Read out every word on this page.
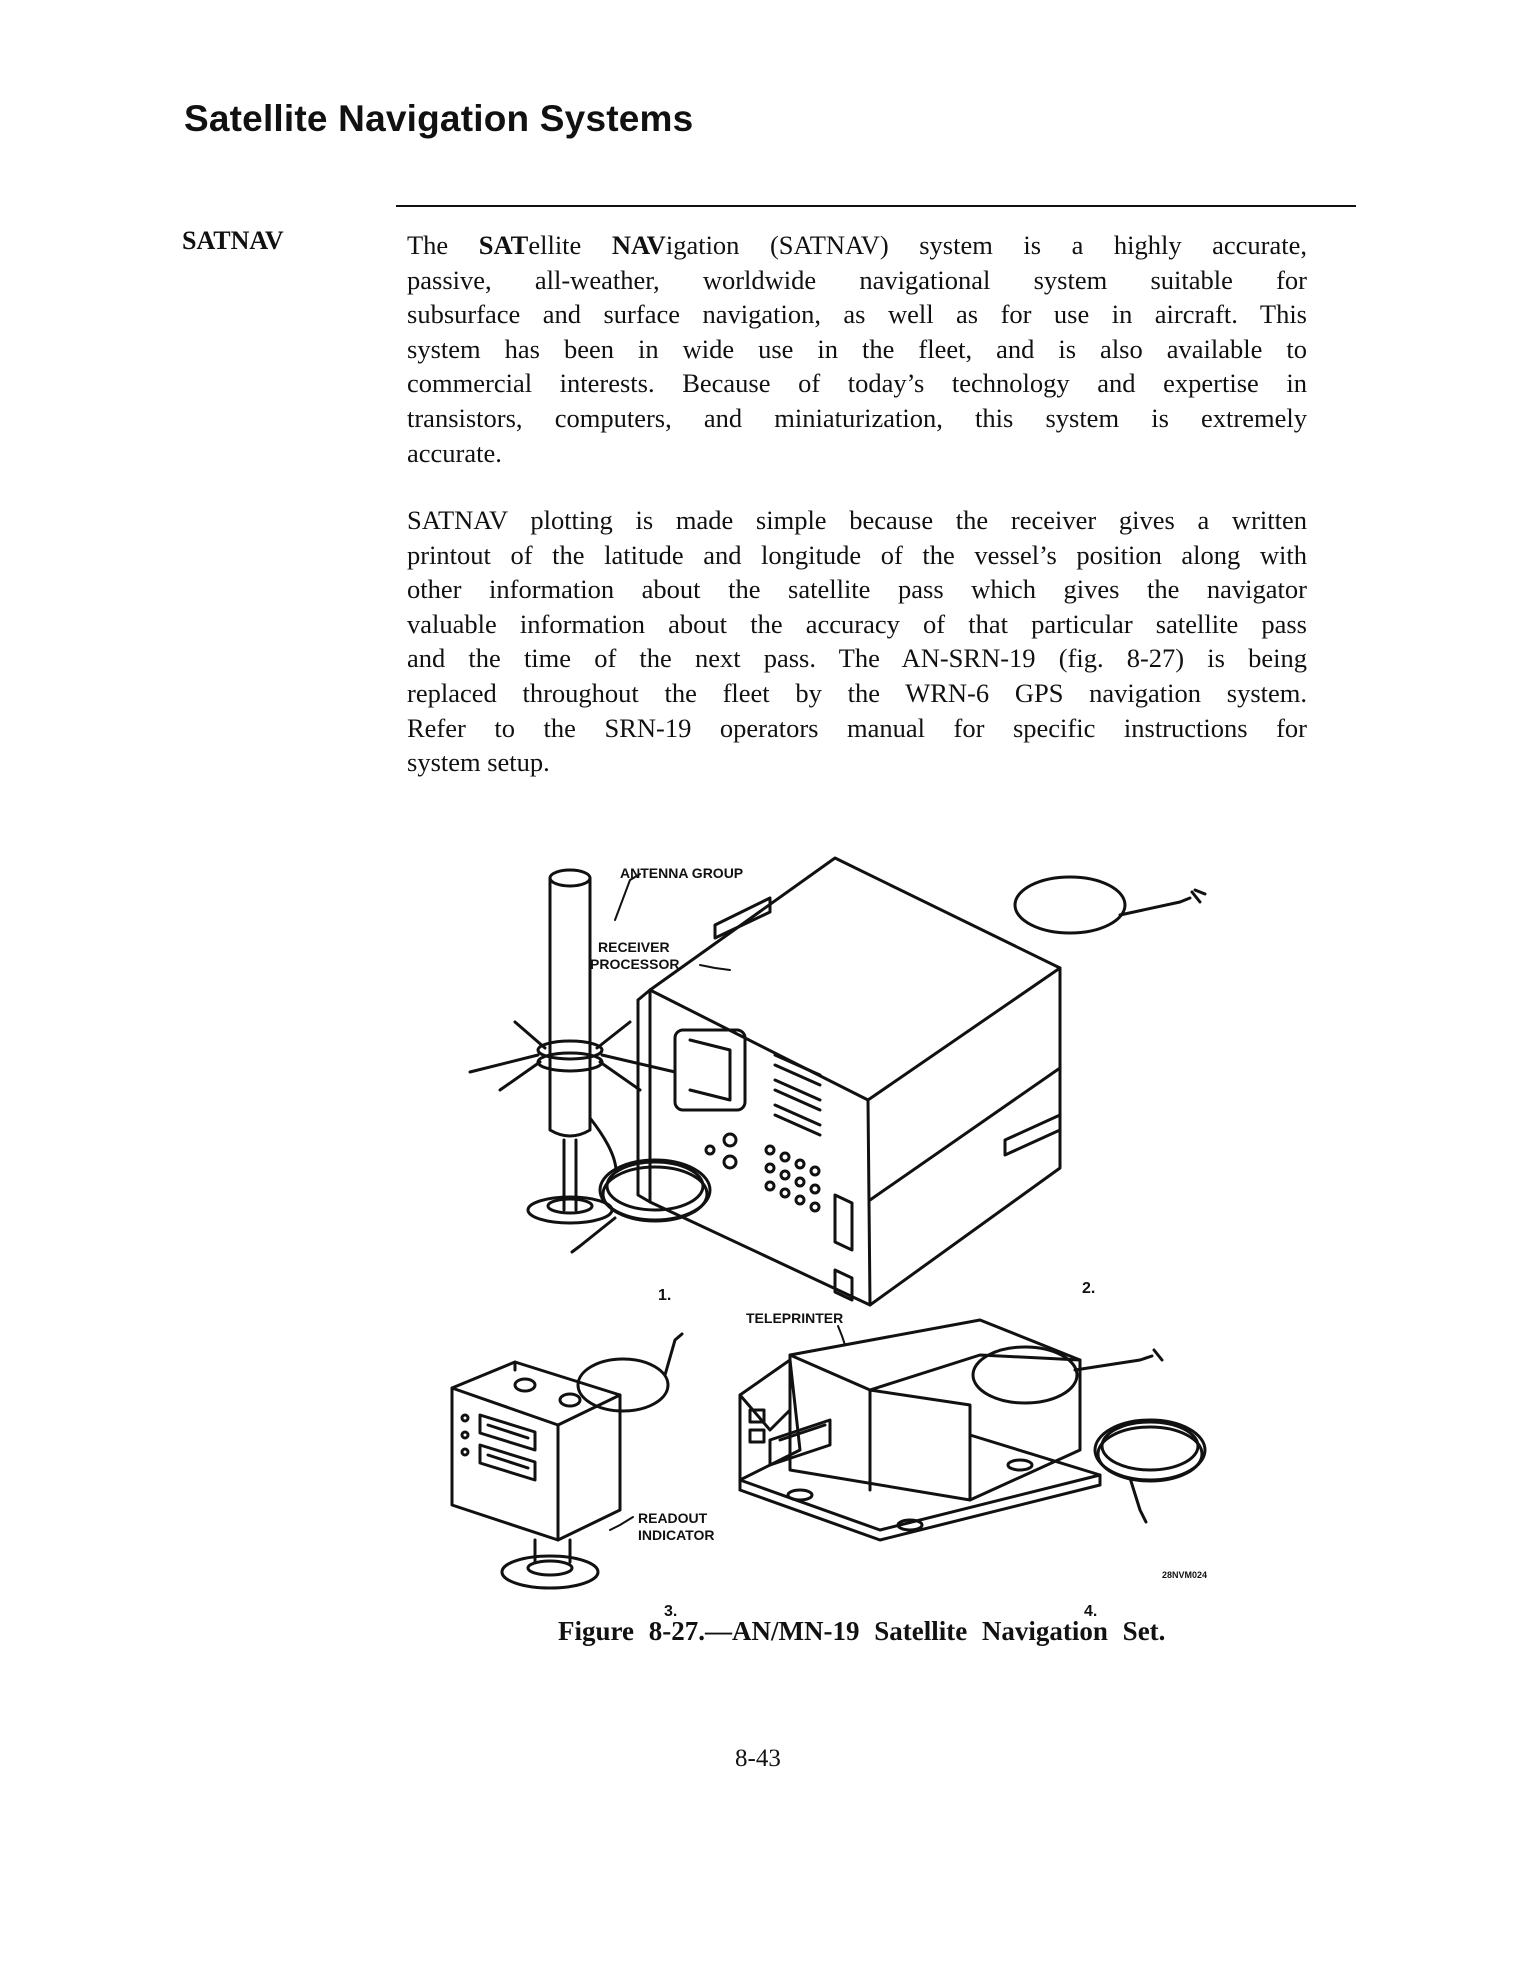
Satellite Navigation Systems
SATNAV	The SATellite NAVigation (SATNAV) system is a highly accurate,
passive, all-weather, worldwide navigational system suitable for
subsurface and surface navigation, as well as for use in aircraft. This
system has been in wide use in the fleet, and is also available to
commercial interests. Because of today’s technology and expertise in
transistors, computers, and miniaturization, this system is extremely
accurate.
SATNAV plotting is made simple because the receiver gives a written
printout of the latitude and longitude of the vessel’s position along with
other information about the satellite pass which gives the navigator
valuable information about the accuracy of that particular satellite pass
and the time of the next pass. The AN-SRN-19 (fig. 8-27) is being
replaced throughout the fleet by the WRN-6 GPS navigation system.
Refer to the SRN-19 operators manual for specific instructions for
system setup.
ANTENNA GROUP
RECEIVER
PROCESSOR
TELEPRINTER
READOUT
INDICATOR
1.	2.
3.	4.
28NVM024
Figure 8-27.—AN/MN-19 Satellite Navigation Set.
8-43
